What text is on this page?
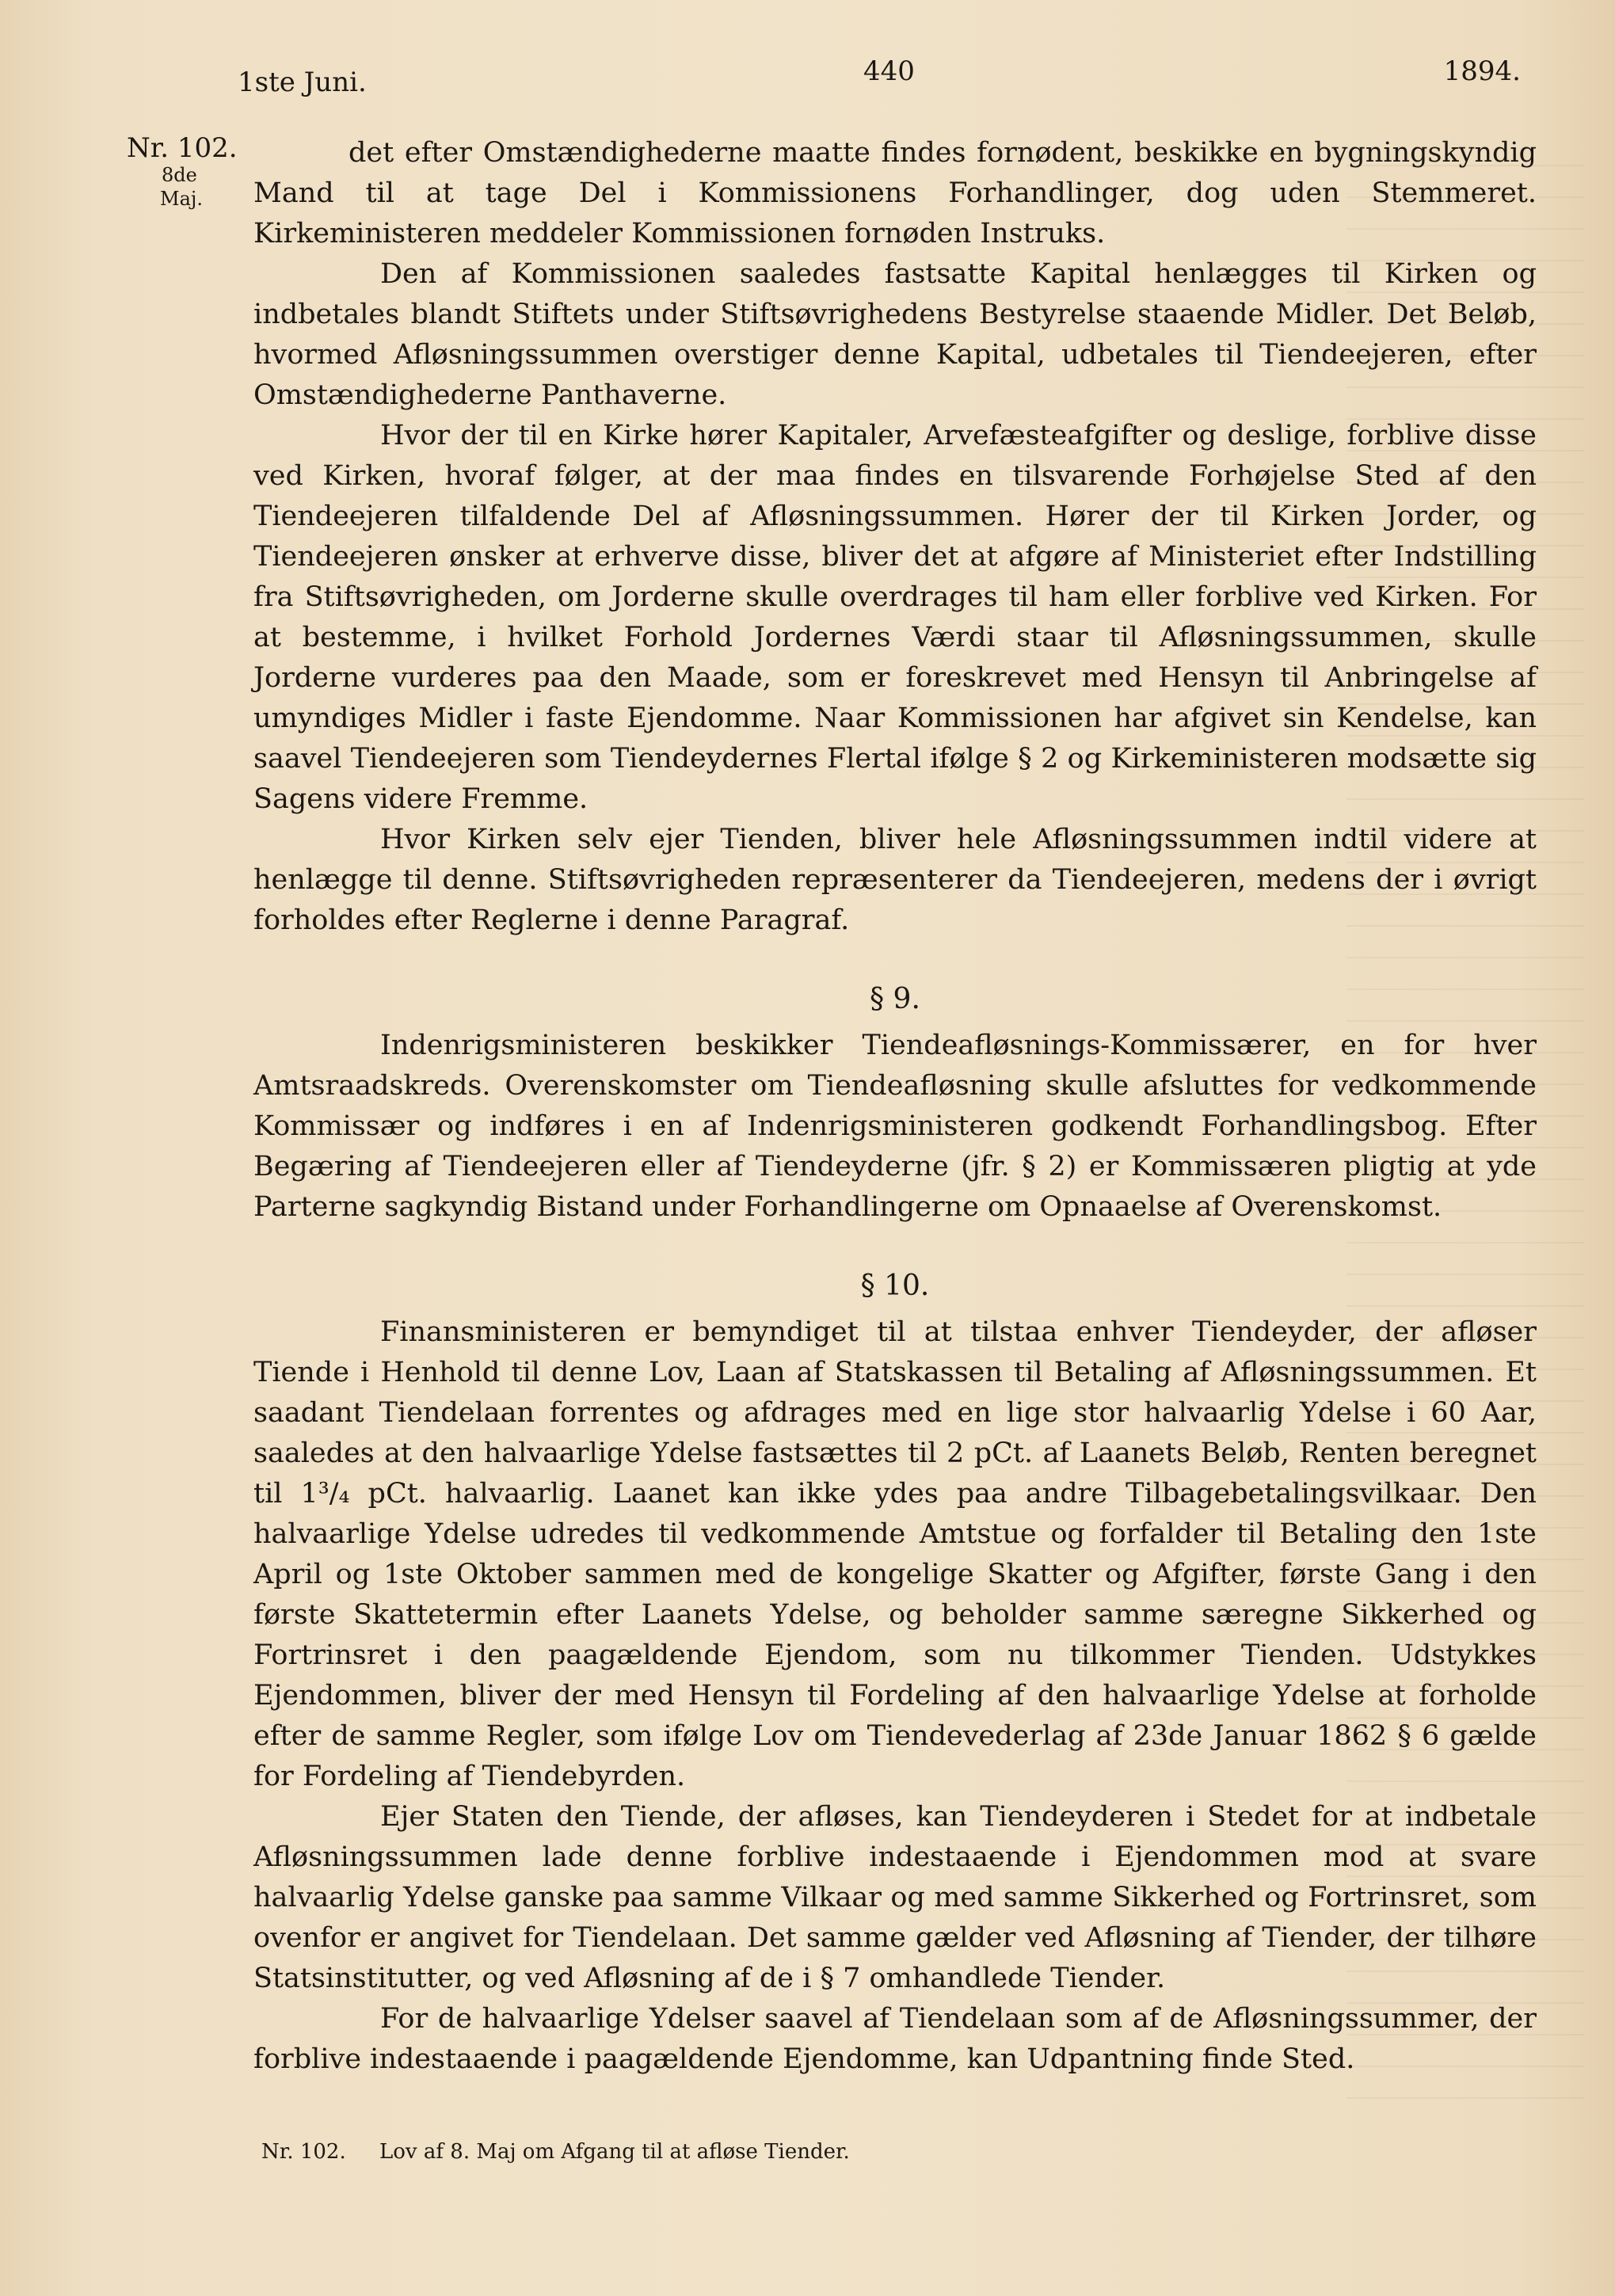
1ste Juni.	440	1894.
Nr. 102.
8de
Maj.

det efter Omstændighederne maatte findes fornødent, beskikke en bygningskyndig Mand til at tage Del i Kommissionens Forhandlinger, dog uden Stemmeret. Kirkeministeren meddeler Kommissionen fornøden Instruks.

Den af Kommissionen saaledes fastsatte Kapital henlægges til Kirken og indbetales blandt Stiftets under Stiftsøvrighedens Bestyrelse staaende Midler. Det Beløb, hvormed Afløsningssummen overstiger denne Kapital, udbetales til Tiendeejeren, efter Omstændighederne Panthaverne.

Hvor der til en Kirke hører Kapitaler, Arvefæsteafgifter og deslige, forblive disse ved Kirken, hvoraf følger, at der maa findes en tilsvarende Forhøjelse Sted af den Tiendeejeren tilfaldende Del af Afløsningssummen. Hører der til Kirken Jorder, og Tiendeejeren ønsker at erhverve disse, bliver det at afgøre af Ministeriet efter Indstilling fra Stiftsøvrigheden, om Jorderne skulle overdrages til ham eller forblive ved Kirken. For at bestemme, i hvilket Forhold Jordernes Værdi staar til Afløsningssummen, skulle Jorderne vurderes paa den Maade, som er foreskrevet med Hensyn til Anbringelse af umyndiges Midler i faste Ejendomme. Naar Kommissionen har afgivet sin Kendelse, kan saavel Tiendeejeren som Tiendeydernes Flertal ifølge § 2 og Kirkeministeren modsætte sig Sagens videre Fremme.

Hvor Kirken selv ejer Tienden, bliver hele Afløsningssummen indtil videre at henlægge til denne. Stiftsøvrigheden repræsenterer da Tiendeejeren, medens der i øvrigt forholdes efter Reglerne i denne Paragraf.

§ 9.

Indenrigsministeren beskikker Tiendeafløsnings-Kommissærer, en for hver Amtsraadskreds. Overenskomster om Tiendeafløsning skulle afsluttes for vedkommende Kommissær og indføres i en af Indenrigsministeren godkendt Forhandlingsbog. Efter Begæring af Tiendeejeren eller af Tiendeyderne (jfr. § 2) er Kommissæren pligtig at yde Parterne sagkyndig Bistand under Forhandlingerne om Opnaaelse af Overenskomst.

§ 10.

Finansministeren er bemyndiget til at tilstaa enhver Tiendeyder, der afløser Tiende i Henhold til denne Lov, Laan af Statskassen til Betaling af Afløsningssummen. Et saadant Tiendelaan forrentes og afdrages med en lige stor halvaarlig Ydelse i 60 Aar, saaledes at den halvaarlige Ydelse fastsættes til 2 pCt. af Laanets Beløb, Renten beregnet til 1³/₄ pCt. halvaarlig. Laanet kan ikke ydes paa andre Tilbagebetalingsvilkaar. Den halvaarlige Ydelse udredes til vedkommende Amtstue og forfalder til Betaling den 1ste April og 1ste Oktober sammen med de kongelige Skatter og Afgifter, første Gang i den første Skattetermin efter Laanets Ydelse, og beholder samme særegne Sikkerhed og Fortrinsret i den paagældende Ejendom, som nu tilkommer Tienden. Udstykkes Ejendommen, bliver der med Hensyn til Fordeling af den halvaarlige Ydelse at forholde efter de samme Regler, som ifølge Lov om Tiendevederlag af 23de Januar 1862 § 6 gælde for Fordeling af Tiendebyrden.

Ejer Staten den Tiende, der afløses, kan Tiendeyderen i Stedet for at indbetale Afløsningssummen lade denne forblive indestaaende i Ejendommen mod at svare halvaarlig Ydelse ganske paa samme Vilkaar og med samme Sikkerhed og Fortrinsret, som ovenfor er angivet for Tiendelaan. Det samme gælder ved Afløsning af Tiender, der tilhøre Statsinstitutter, og ved Afløsning af de i § 7 omhandlede Tiender.

For de halvaarlige Ydelser saavel af Tiendelaan som af de Afløsningssummer, der forblive indestaaende i paagældende Ejendomme, kan Udpantning finde Sted.

Nr. 102. Lov af 8. Maj om Afgang til at afløse Tiender.
